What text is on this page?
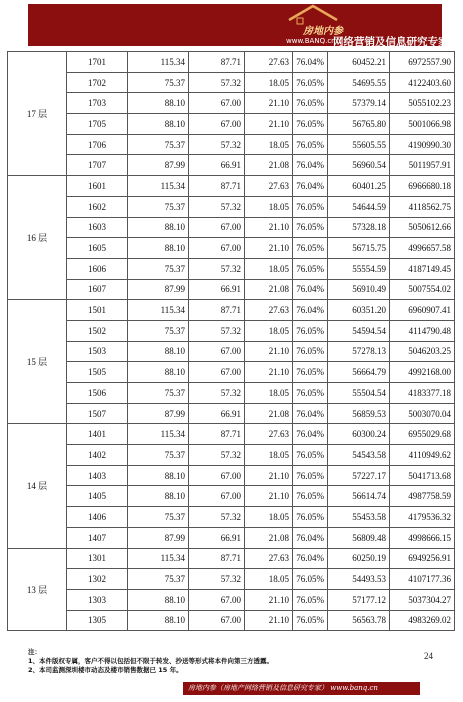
房地内参
www.BANQ.cn
网络营销及信息研究专家
17 层	1701	115.34	87.71	27.63	76.04%	60452.21	6972557.90
	1702	75.37	57.32	18.05	76.05%	54695.55	4122403.60
	1703	88.10	67.00	21.10	76.05%	57379.14	5055102.23
	1705	88.10	67.00	21.10	76.05%	56765.80	5001066.98
	1706	75.37	57.32	18.05	76.05%	55605.55	4190990.30
	1707	87.99	66.91	21.08	76.04%	56960.54	5011957.91
16 层	1601	115.34	87.71	27.63	76.04%	60401.25	6966680.18
	1602	75.37	57.32	18.05	76.05%	54644.59	4118562.75
	1603	88.10	67.00	21.10	76.05%	57328.18	5050612.66
	1605	88.10	67.00	21.10	76.05%	56715.75	4996657.58
	1606	75.37	57.32	18.05	76.05%	55554.59	4187149.45
	1607	87.99	66.91	21.08	76.04%	56910.49	5007554.02
15 层	1501	115.34	87.71	27.63	76.04%	60351.20	6960907.41
	1502	75.37	57.32	18.05	76.05%	54594.54	4114790.48
	1503	88.10	67.00	21.10	76.05%	57278.13	5046203.25
	1505	88.10	67.00	21.10	76.05%	56664.79	4992168.00
	1506	75.37	57.32	18.05	76.05%	55504.54	4183377.18
	1507	87.99	66.91	21.08	76.04%	56859.53	5003070.04
14 层	1401	115.34	87.71	27.63	76.04%	60300.24	6955029.68
	1402	75.37	57.32	18.05	76.05%	54543.58	4110949.62
	1403	88.10	67.00	21.10	76.05%	57227.17	5041713.68
	1405	88.10	67.00	21.10	76.05%	56614.74	4987758.59
	1406	75.37	57.32	18.05	76.05%	55453.58	4179536.32
	1407	87.99	66.91	21.08	76.04%	56809.48	4998666.15
13 层	1301	115.34	87.71	27.63	76.04%	60250.19	6949256.91
	1302	75.37	57.32	18.05	76.05%	54493.53	4107177.36
	1303	88.10	67.00	21.10	76.05%	57177.12	5037304.27
	1305	88.10	67.00	21.10	76.05%	56563.78	4983269.02
注：
1、本件版权专属，客户不得以包括但不限于转发、抄送等形式将本件向第三方透露。
2、本司监测深圳楼市动态及楼市销售数据已 15 年。
24
房地内参（房地产网络营销及信息研究专家） www.banq.cn
